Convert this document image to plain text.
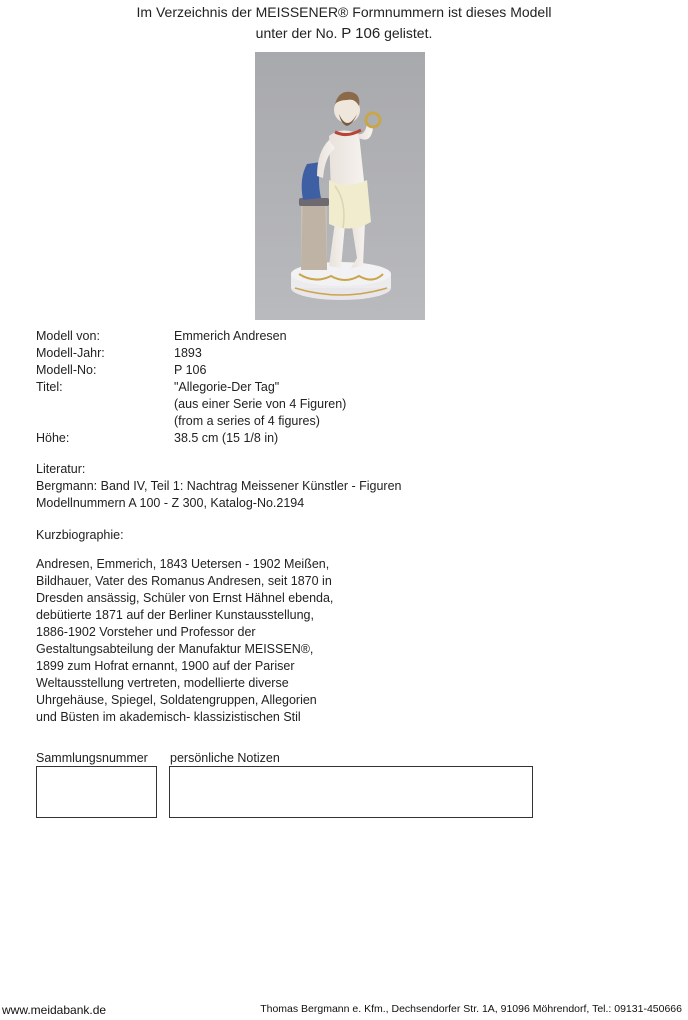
Im Verzeichnis der MEISSENER® Formnummern ist dieses Modell
unter der No. P 106 gelistet.
Modell von:	Emmerich Andresen
Modell-Jahr:	1893
Modell-No:	P 106
Titel:	"Allegorie-Der Tag"
(aus einer Serie von 4 Figuren)
(from a series of 4 figures)
Höhe:	38.5 cm (15 1/8 in)
Literatur:
Bergmann: Band IV, Teil 1: Nachtrag Meissener Künstler - Figuren
Modellnummern A 100 - Z 300, Katalog-No.2194
Kurzbiographie:
Andresen, Emmerich, 1843 Uetersen - 1902 Meißen,
Bildhauer, Vater des Romanus Andresen, seit 1870 in
Dresden ansässig, Schüler von Ernst Hähnel ebenda,
debütierte 1871 auf der Berliner Kunstausstellung,
1886-1902 Vorsteher und Professor der
Gestaltungsabteilung der Manufaktur MEISSEN®,
1899 zum Hofrat ernannt, 1900 auf der Pariser
Weltausstellung vertreten, modellierte diverse
Uhrgehäuse, Spiegel, Soldatengruppen, Allegorien
und Büsten im akademisch- klassizistischen Stil
Sammlungsnummer persönliche Notizen
www.meidabank.de	Thomas Bergmann e. Kfm., Dechsendorfer Str. 1A, 91096 Möhrendorf, Tel.: 09131-450666
